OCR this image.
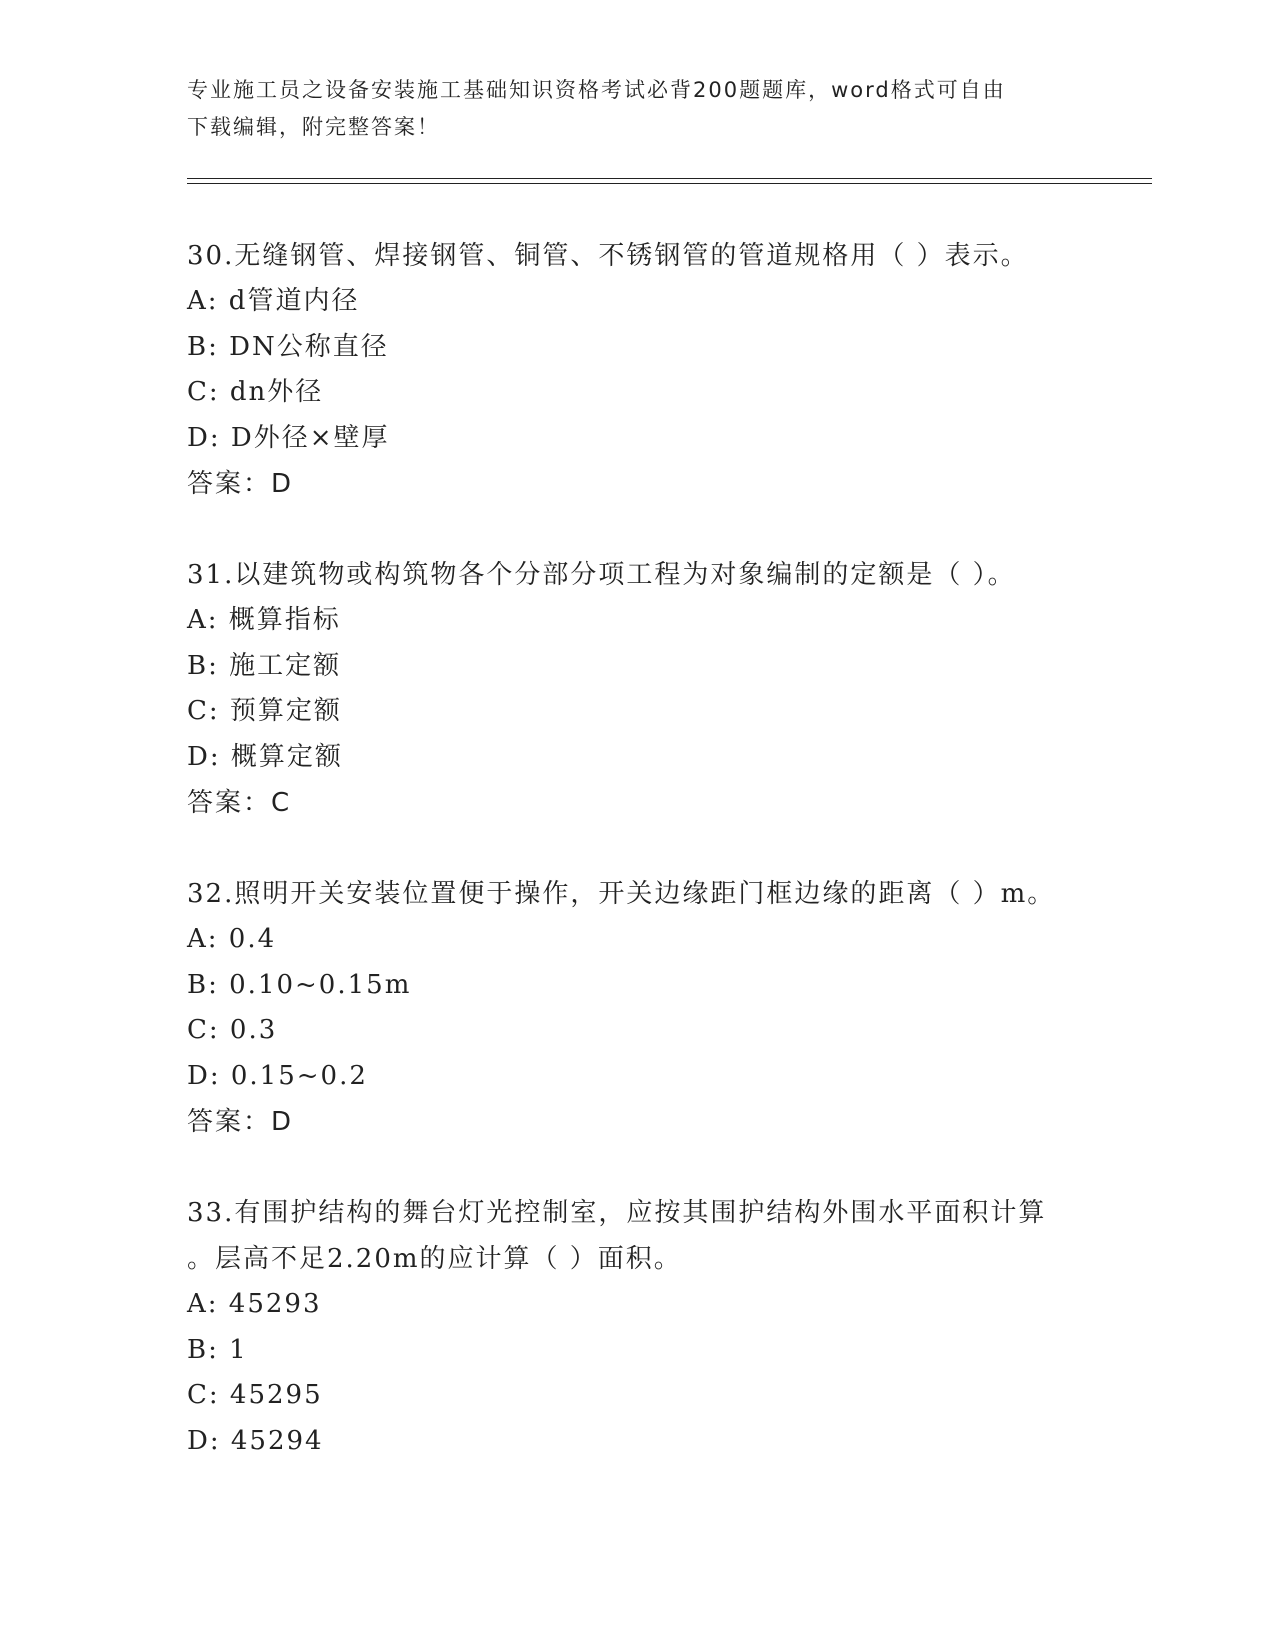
专业施工员之设备安装施工基础知识资格考试必背200题题库，word格式可自由
下载编辑，附完整答案！
30.无缝钢管、焊接钢管、铜管、不锈钢管的管道规格用（ ）表示。
A: d管道内径
B: DN公称直径
C: dn外径
D: D外径×壁厚
答案：D
31.以建筑物或构筑物各个分部分项工程为对象编制的定额是（ ）。
A: 概算指标
B: 施工定额
C: 预算定额
D: 概算定额
答案：C
32.照明开关安装位置便于操作，开关边缘距门框边缘的距离（ ）m。
A: 0.4
B: 0.10~0.15m
C: 0.3
D: 0.15~0.2
答案：D
33.有围护结构的舞台灯光控制室，应按其围护结构外围水平面积计算
。层高不足2.20m的应计算（ ）面积。
A: 45293
B: 1
C: 45295
D: 45294
